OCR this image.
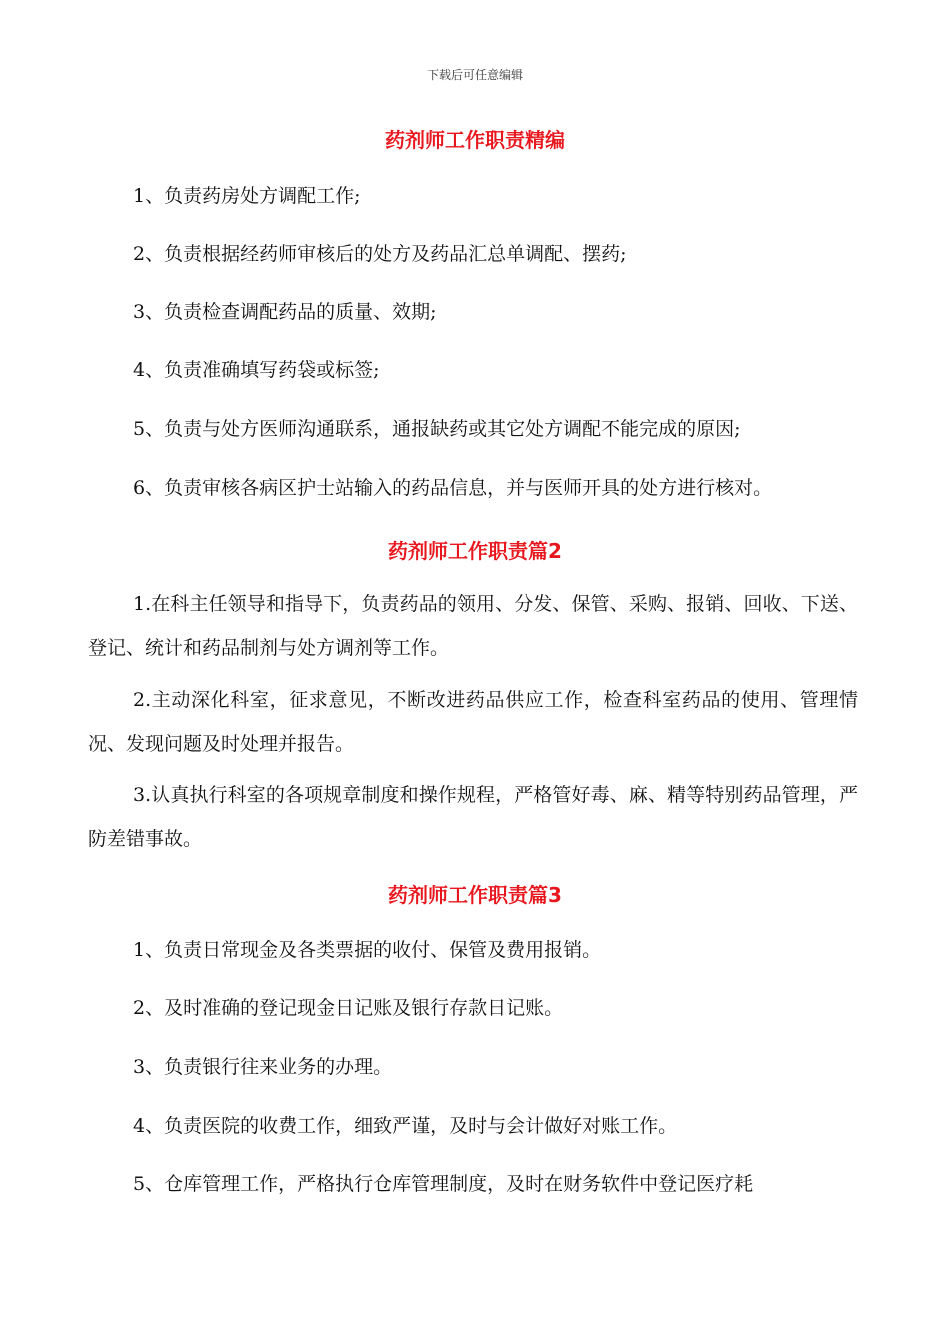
下载后可任意编辑
药剂师工作职责精编
1、负责药房处方调配工作;
2、负责根据经药师审核后的处方及药品汇总单调配、摆药;
3、负责检查调配药品的质量、效期;
4、负责准确填写药袋或标签;
5、负责与处方医师沟通联系，通报缺药或其它处方调配不能完成的原因;
6、负责审核各病区护士站输入的药品信息，并与医师开具的处方进行核对。
药剂师工作职责篇2
1.在科主任领导和指导下，负责药品的领用、分发、保管、采购、报销、回收、下送、登记、统计和药品制剂与处方调剂等工作。
2.主动深化科室，征求意见，不断改进药品供应工作，检查科室药品的使用、管理情况、发现问题及时处理并报告。
3.认真执行科室的各项规章制度和操作规程，严格管好毒、麻、精等特别药品管理，严防差错事故。
药剂师工作职责篇3
1、负责日常现金及各类票据的收付、保管及费用报销。
2、及时准确的登记现金日记账及银行存款日记账。
3、负责银行往来业务的办理。
4、负责医院的收费工作，细致严谨，及时与会计做好对账工作。
5、仓库管理工作，严格执行仓库管理制度，及时在财务软件中登记医疗耗
